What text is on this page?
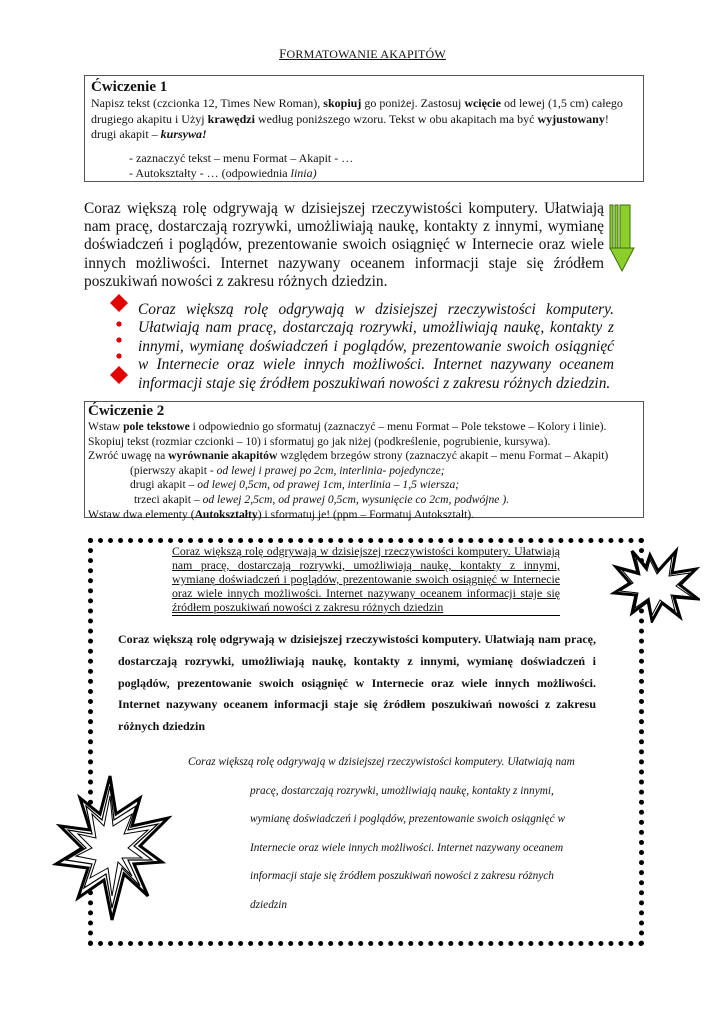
FORMATOWANIE AKAPITÓW
Ćwiczenie 1
Napisz tekst (czcionka 12, Times New Roman), skopiuj go poniżej. Zastosuj wcięcie od lewej (1,5 cm) całego
drugiego akapitu i Użyj krawędzi według poniższego wzoru. Tekst w obu akapitach ma być wyjustowany!
drugi akapit – kursywa!
- zaznaczyć tekst – menu Format – Akapit - …
- Autokształty - … (odpowiednia linia)
Coraz większą rolę odgrywają w dzisiejszej rzeczywistości komputery. Ułatwiają nam pracę, dostarczają rozrywki, umożliwiają naukę, kontakty z innymi, wymianę doświadczeń i poglądów, prezentowanie swoich osiągnięć w Internecie oraz wiele innych możliwości. Internet nazywany oceanem informacji staje się źródłem poszukiwań nowości z zakresu różnych dziedzin.
Coraz większą rolę odgrywają w dzisiejszej rzeczywistości komputery. Ułatwiają nam pracę, dostarczają rozrywki, umożliwiają naukę, kontakty z innymi, wymianę doświadczeń i poglądów, prezentowanie swoich osiągnięć w Internecie oraz wiele innych możliwości. Internet nazywany oceanem informacji staje się źródłem poszukiwań nowości z zakresu różnych dziedzin.
Ćwiczenie 2
Wstaw pole tekstowe i odpowiednio go sformatuj (zaznaczyć – menu Format – Pole tekstowe – Kolory i linie).
Skopiuj tekst (rozmiar czcionki – 10) i sformatuj go jak niżej (podkreślenie, pogrubienie, kursywa).
Zwróć uwagę na wyrównanie akapitów względem brzegów strony (zaznaczyć akapit – menu Format – Akapit)
(pierwszy akapit - od lewej i prawej po 2cm, interlinia- pojedyncze;
drugi akapit – od lewej 0,5cm, od prawej 1cm, interlinia – 1,5 wiersza;
trzeci akapit – od lewej 2,5cm, od prawej 0,5cm, wysunięcie co 2cm, podwójne ).
Wstaw dwa elementy (Autokształty) i sformatuj je! (ppm – Formatuj Autokształt).
Coraz większą rolę odgrywają w dzisiejszej rzeczywistości komputery. Ułatwiają nam pracę, dostarczają rozrywki, umożliwiają naukę, kontakty z innymi, wymianę doświadczeń i poglądów, prezentowanie swoich osiągnięć w Internecie oraz wiele innych możliwości. Internet nazywany oceanem informacji staje się źródłem poszukiwań nowości z zakresu różnych dziedzin
Coraz większą rolę odgrywają w dzisiejszej rzeczywistości komputery. Ułatwiają nam pracę, dostarczają rozrywki, umożliwiają naukę, kontakty z innymi, wymianę doświadczeń i poglądów, prezentowanie swoich osiągnięć w Internecie oraz wiele innych możliwości. Internet nazywany oceanem informacji staje się źródłem poszukiwań nowości z zakresu różnych dziedzin
Coraz większą rolę odgrywają w dzisiejszej rzeczywistości komputery. Ułatwiają nam
pracę, dostarczają rozrywki, umożliwiają naukę, kontakty z innymi,
wymianę doświadczeń i poglądów, prezentowanie swoich osiągnięć w
Internecie oraz wiele innych możliwości. Internet nazywany oceanem
informacji staje się źródłem poszukiwań nowości z zakresu różnych
dziedzin
